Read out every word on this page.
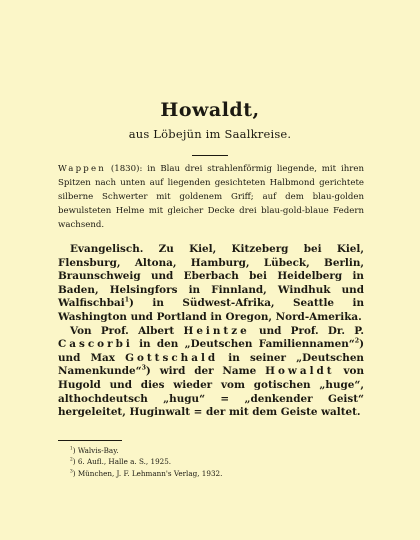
Howaldt,
aus Löbejün im Saalkreise.
Wappen (1830): in Blau drei strahlenförmig liegende, mit ihren Spitzen nach unten auf liegenden gesichteten Halbmond gerichtete silberne Schwerter mit goldenem Griff; auf dem blau-golden bewulsteten Helme mit gleicher Decke drei blau-gold-blaue Federn wachsend.

Evangelisch. Zu Kiel, Kitzeberg bei Kiel, Flensburg, Altona, Hamburg, Lübeck, Berlin, Braunschweig und Eberbach bei Heidelberg in Baden, Helsingfors in Finnland, Windhuk und Walfischbai$^1$) in Südwest-Afrika, Seattle in Washington und Portland in Oregon, Nord-Amerika.

Von Prof. Albert Heintze und Prof. Dr. P. Cascorbi in den „Deutschen Familiennamen“$^2$) und Max Gottschald in seiner „Deutschen Namenkunde“$^3$) wird der Name Howaldt von Hugold und dies wieder vom gotischen „huge“, althochdeutsch „hugu“ = „denkender Geist“ hergeleitet, Huginwalt = der mit dem Geiste waltet.

$^1$) Walvis-Bay.
$^2$) 6. Aufl., Halle a. S., 1925.
$^3$) München, J. F. Lehmann's Verlag, 1932.
